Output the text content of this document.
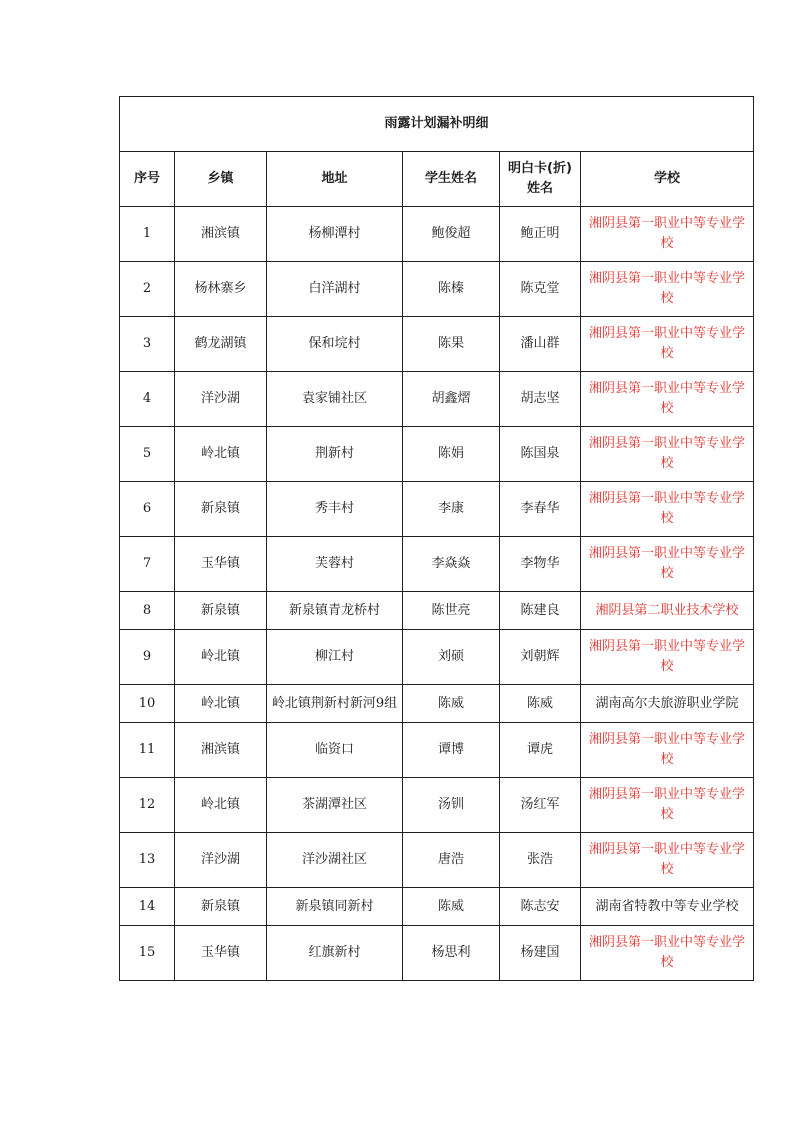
雨露计划漏补明细					
序号	乡镇	地址	学生姓名	明白卡(折)姓名	学校
1	湘滨镇	杨柳潭村	鲍俊超	鲍正明	湘阴县第一职业中等专业学校
2	杨林寨乡	白洋湖村	陈榛	陈克堂	湘阴县第一职业中等专业学校
3	鹤龙湖镇	保和垸村	陈果	潘山群	湘阴县第一职业中等专业学校
4	洋沙湖	袁家铺社区	胡鑫熠	胡志坚	湘阴县第一职业中等专业学校
5	岭北镇	荆新村	陈娟	陈国泉	湘阴县第一职业中等专业学校
6	新泉镇	秀丰村	李康	李春华	湘阴县第一职业中等专业学校
7	玉华镇	芙蓉村	李焱焱	李物华	湘阴县第一职业中等专业学校
8	新泉镇	新泉镇青龙桥村	陈世亮	陈建良	湘阴县第二职业技术学校
9	岭北镇	柳江村	刘硕	刘朝辉	湘阴县第一职业中等专业学校
10	岭北镇	岭北镇荆新村新河9组	陈威	陈威	湖南高尔夫旅游职业学院
11	湘滨镇	临资口	谭博	谭虎	湘阴县第一职业中等专业学校
12	岭北镇	茶湖潭社区	汤钏	汤红军	湘阴县第一职业中等专业学校
13	洋沙湖	洋沙湖社区	唐浩	张浩	湘阴县第一职业中等专业学校
14	新泉镇	新泉镇同新村	陈威	陈志安	湖南省特教中等专业学校
15	玉华镇	红旗新村	杨思利	杨建国	湘阴县第一职业中等专业学校
